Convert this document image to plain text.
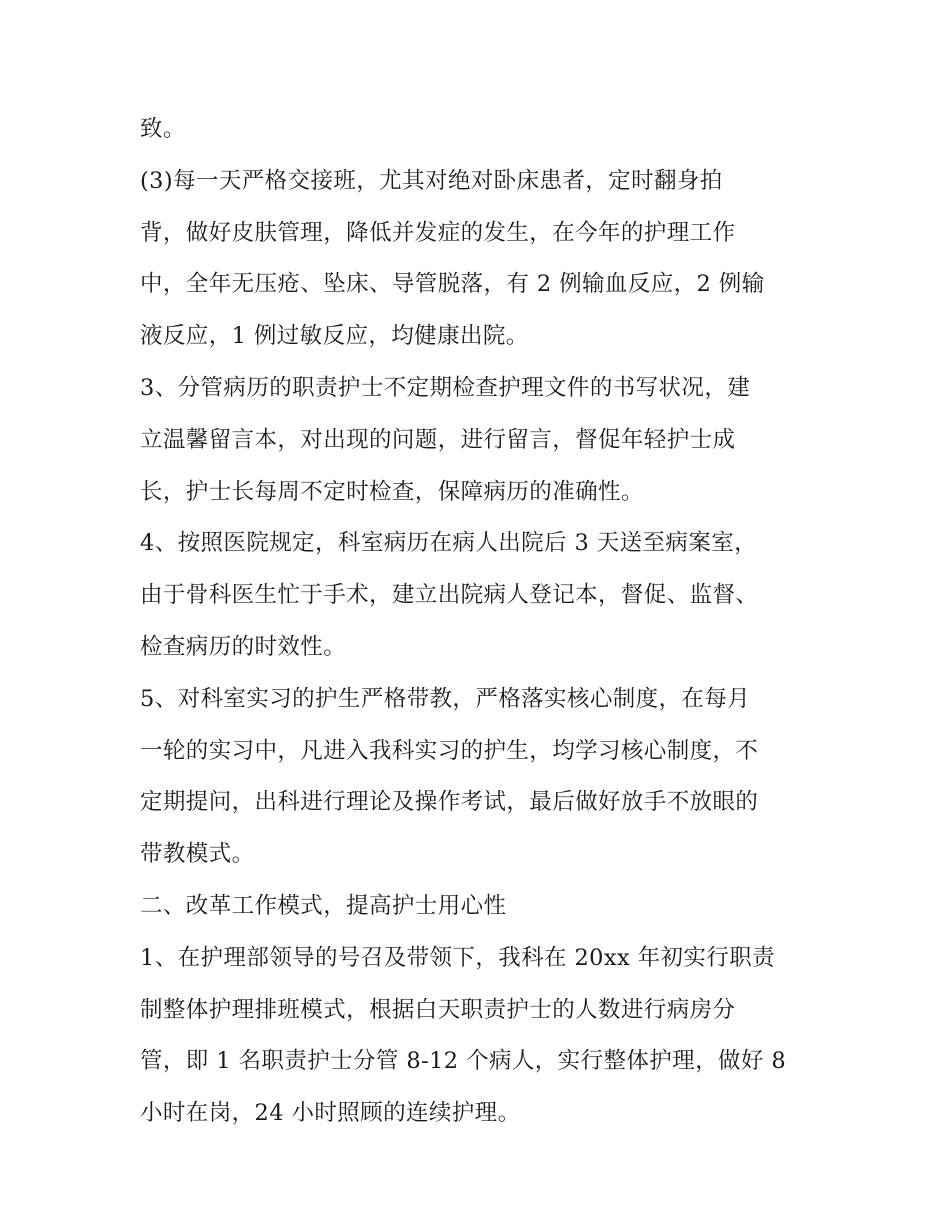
致。
(3)每一天严格交接班，尤其对绝对卧床患者，定时翻身拍
背，做好皮肤管理，降低并发症的发生，在今年的护理工作
中，全年无压疮、坠床、导管脱落，有 2 例输血反应，2 例输
液反应，1 例过敏反应，均健康出院。
3、分管病历的职责护士不定期检查护理文件的书写状况，建
立温馨留言本，对出现的问题，进行留言，督促年轻护士成
长，护士长每周不定时检查，保障病历的准确性。
4、按照医院规定，科室病历在病人出院后 3 天送至病案室，
由于骨科医生忙于手术，建立出院病人登记本，督促、监督、
检查病历的时效性。
5、对科室实习的护生严格带教，严格落实核心制度，在每月
一轮的实习中，凡进入我科实习的护生，均学习核心制度，不
定期提问，出科进行理论及操作考试，最后做好放手不放眼的
带教模式。
二、改革工作模式，提高护士用心性
1、在护理部领导的号召及带领下，我科在 20xx 年初实行职责
制整体护理排班模式，根据白天职责护士的人数进行病房分
管，即 1 名职责护士分管 8-12 个病人，实行整体护理，做好 8
小时在岗，24 小时照顾的连续护理。
